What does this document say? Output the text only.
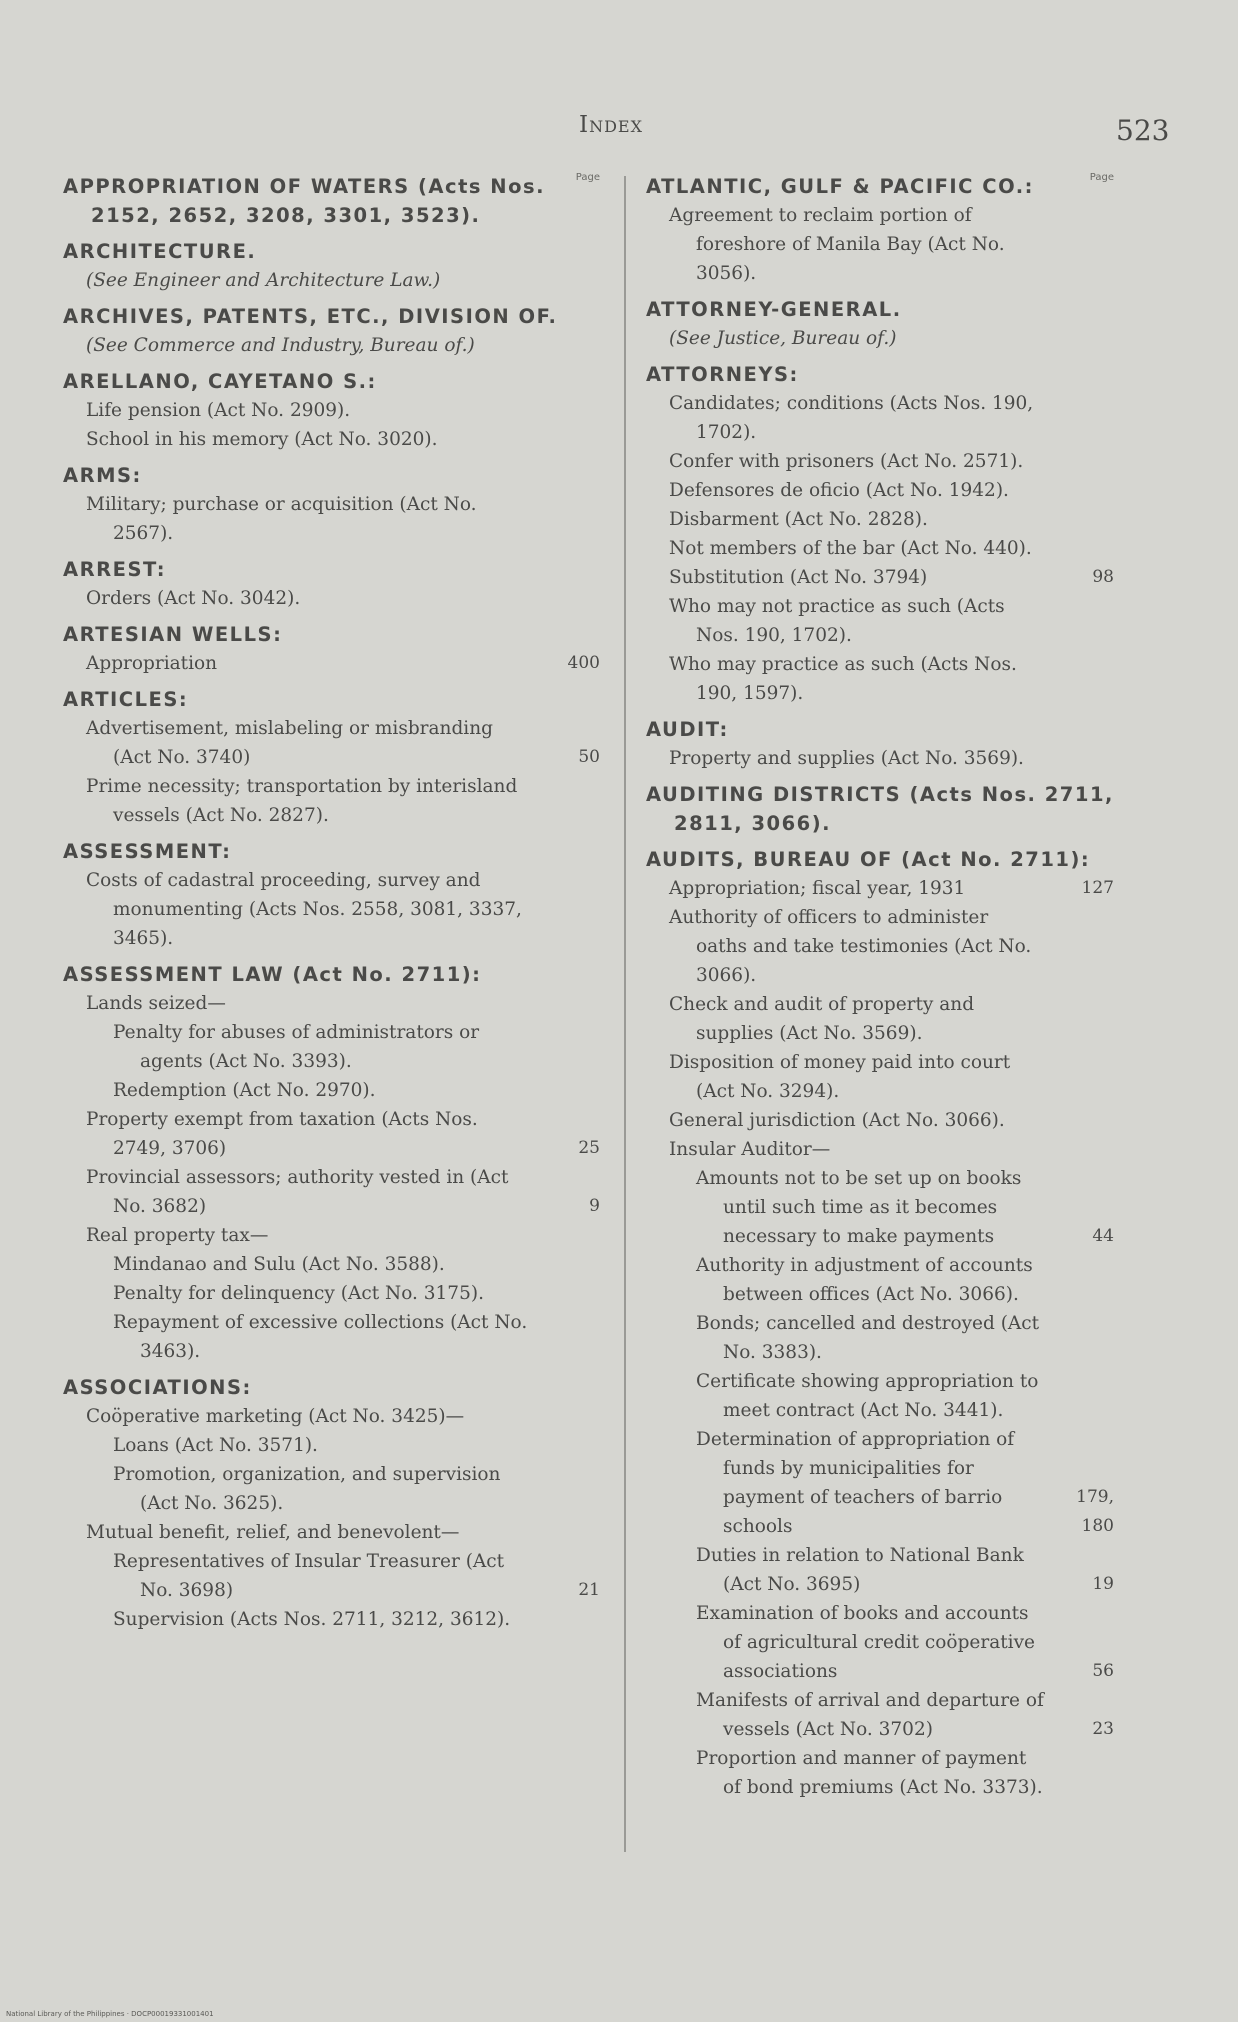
Index	523
Page
APPROPRIATION OF WATERS (Acts Nos. 2152, 2652, 3208, 3301, 3523).
ARCHITECTURE.
(See Engineer and Architecture Law.)
ARCHIVES, PATENTS, ETC., DIVISION OF.
(See Commerce and Industry, Bureau of.)
ARELLANO, CAYETANO S.:
Life pension (Act No. 2909).
School in his memory (Act No. 3020).
ARMS:
Military; purchase or acquisition (Act No. 2567).
ARREST:
Orders (Act No. 3042).
ARTESIAN WELLS:
Appropriation	400
ARTICLES:
Advertisement, mislabeling or misbranding (Act No. 3740)	50
Prime necessity; transportation by interisland vessels (Act No. 2827).
ASSESSMENT:
Costs of cadastral proceeding, survey and monumenting (Acts Nos. 2558, 3081, 3337, 3465).
ASSESSMENT LAW (Act No. 2711):
Lands seized—
Penalty for abuses of administrators or agents (Act No. 3393).
Redemption (Act No. 2970).
Property exempt from taxation (Acts Nos. 2749, 3706)	25
Provincial assessors; authority vested in (Act No. 3682)	9
Real property tax—
Mindanao and Sulu (Act No. 3588).
Penalty for delinquency (Act No. 3175).
Repayment of excessive collections (Act No. 3463).
ASSOCIATIONS:
Coöperative marketing (Act No. 3425)—
Loans (Act No. 3571).
Promotion, organization, and supervision (Act No. 3625).
Mutual benefit, relief, and benevolent—
Representatives of Insular Treasurer (Act No. 3698)	21
Supervision (Acts Nos. 2711, 3212, 3612).
Page
ATLANTIC, GULF & PACIFIC CO.:
Agreement to reclaim portion of foreshore of Manila Bay (Act No. 3056).
ATTORNEY-GENERAL.
(See Justice, Bureau of.)
ATTORNEYS:
Candidates; conditions (Acts Nos. 190, 1702).
Confer with prisoners (Act No. 2571).
Defensores de oficio (Act No. 1942).
Disbarment (Act No. 2828).
Not members of the bar (Act No. 440).
Substitution (Act No. 3794)	98
Who may not practice as such (Acts Nos. 190, 1702).
Who may practice as such (Acts Nos. 190, 1597).
AUDIT:
Property and supplies (Act No. 3569).
AUDITING DISTRICTS (Acts Nos. 2711, 2811, 3066).
AUDITS, BUREAU OF (Act No. 2711):
Appropriation; fiscal year, 1931	127
Authority of officers to administer oaths and take testimonies (Act No. 3066).
Check and audit of property and supplies (Act No. 3569).
Disposition of money paid into court (Act No. 3294).
General jurisdiction (Act No. 3066).
Insular Auditor—
Amounts not to be set up on books until such time as it becomes necessary to make payments	44
Authority in adjustment of accounts between offices (Act No. 3066).
Bonds; cancelled and destroyed (Act No. 3383).
Certificate showing appropriation to meet contract (Act No. 3441).
Determination of appropriation of funds by municipalities for payment of teachers of barrio schools
179, 180
Duties in relation to National Bank (Act No. 3695)	19
Examination of books and accounts of agricultural credit coöperative associations	56
Manifests of arrival and departure of vessels (Act No. 3702)	23
Proportion and manner of payment of bond premiums (Act No. 3373).
National Library of the Philippines · DOCP00019331001401
